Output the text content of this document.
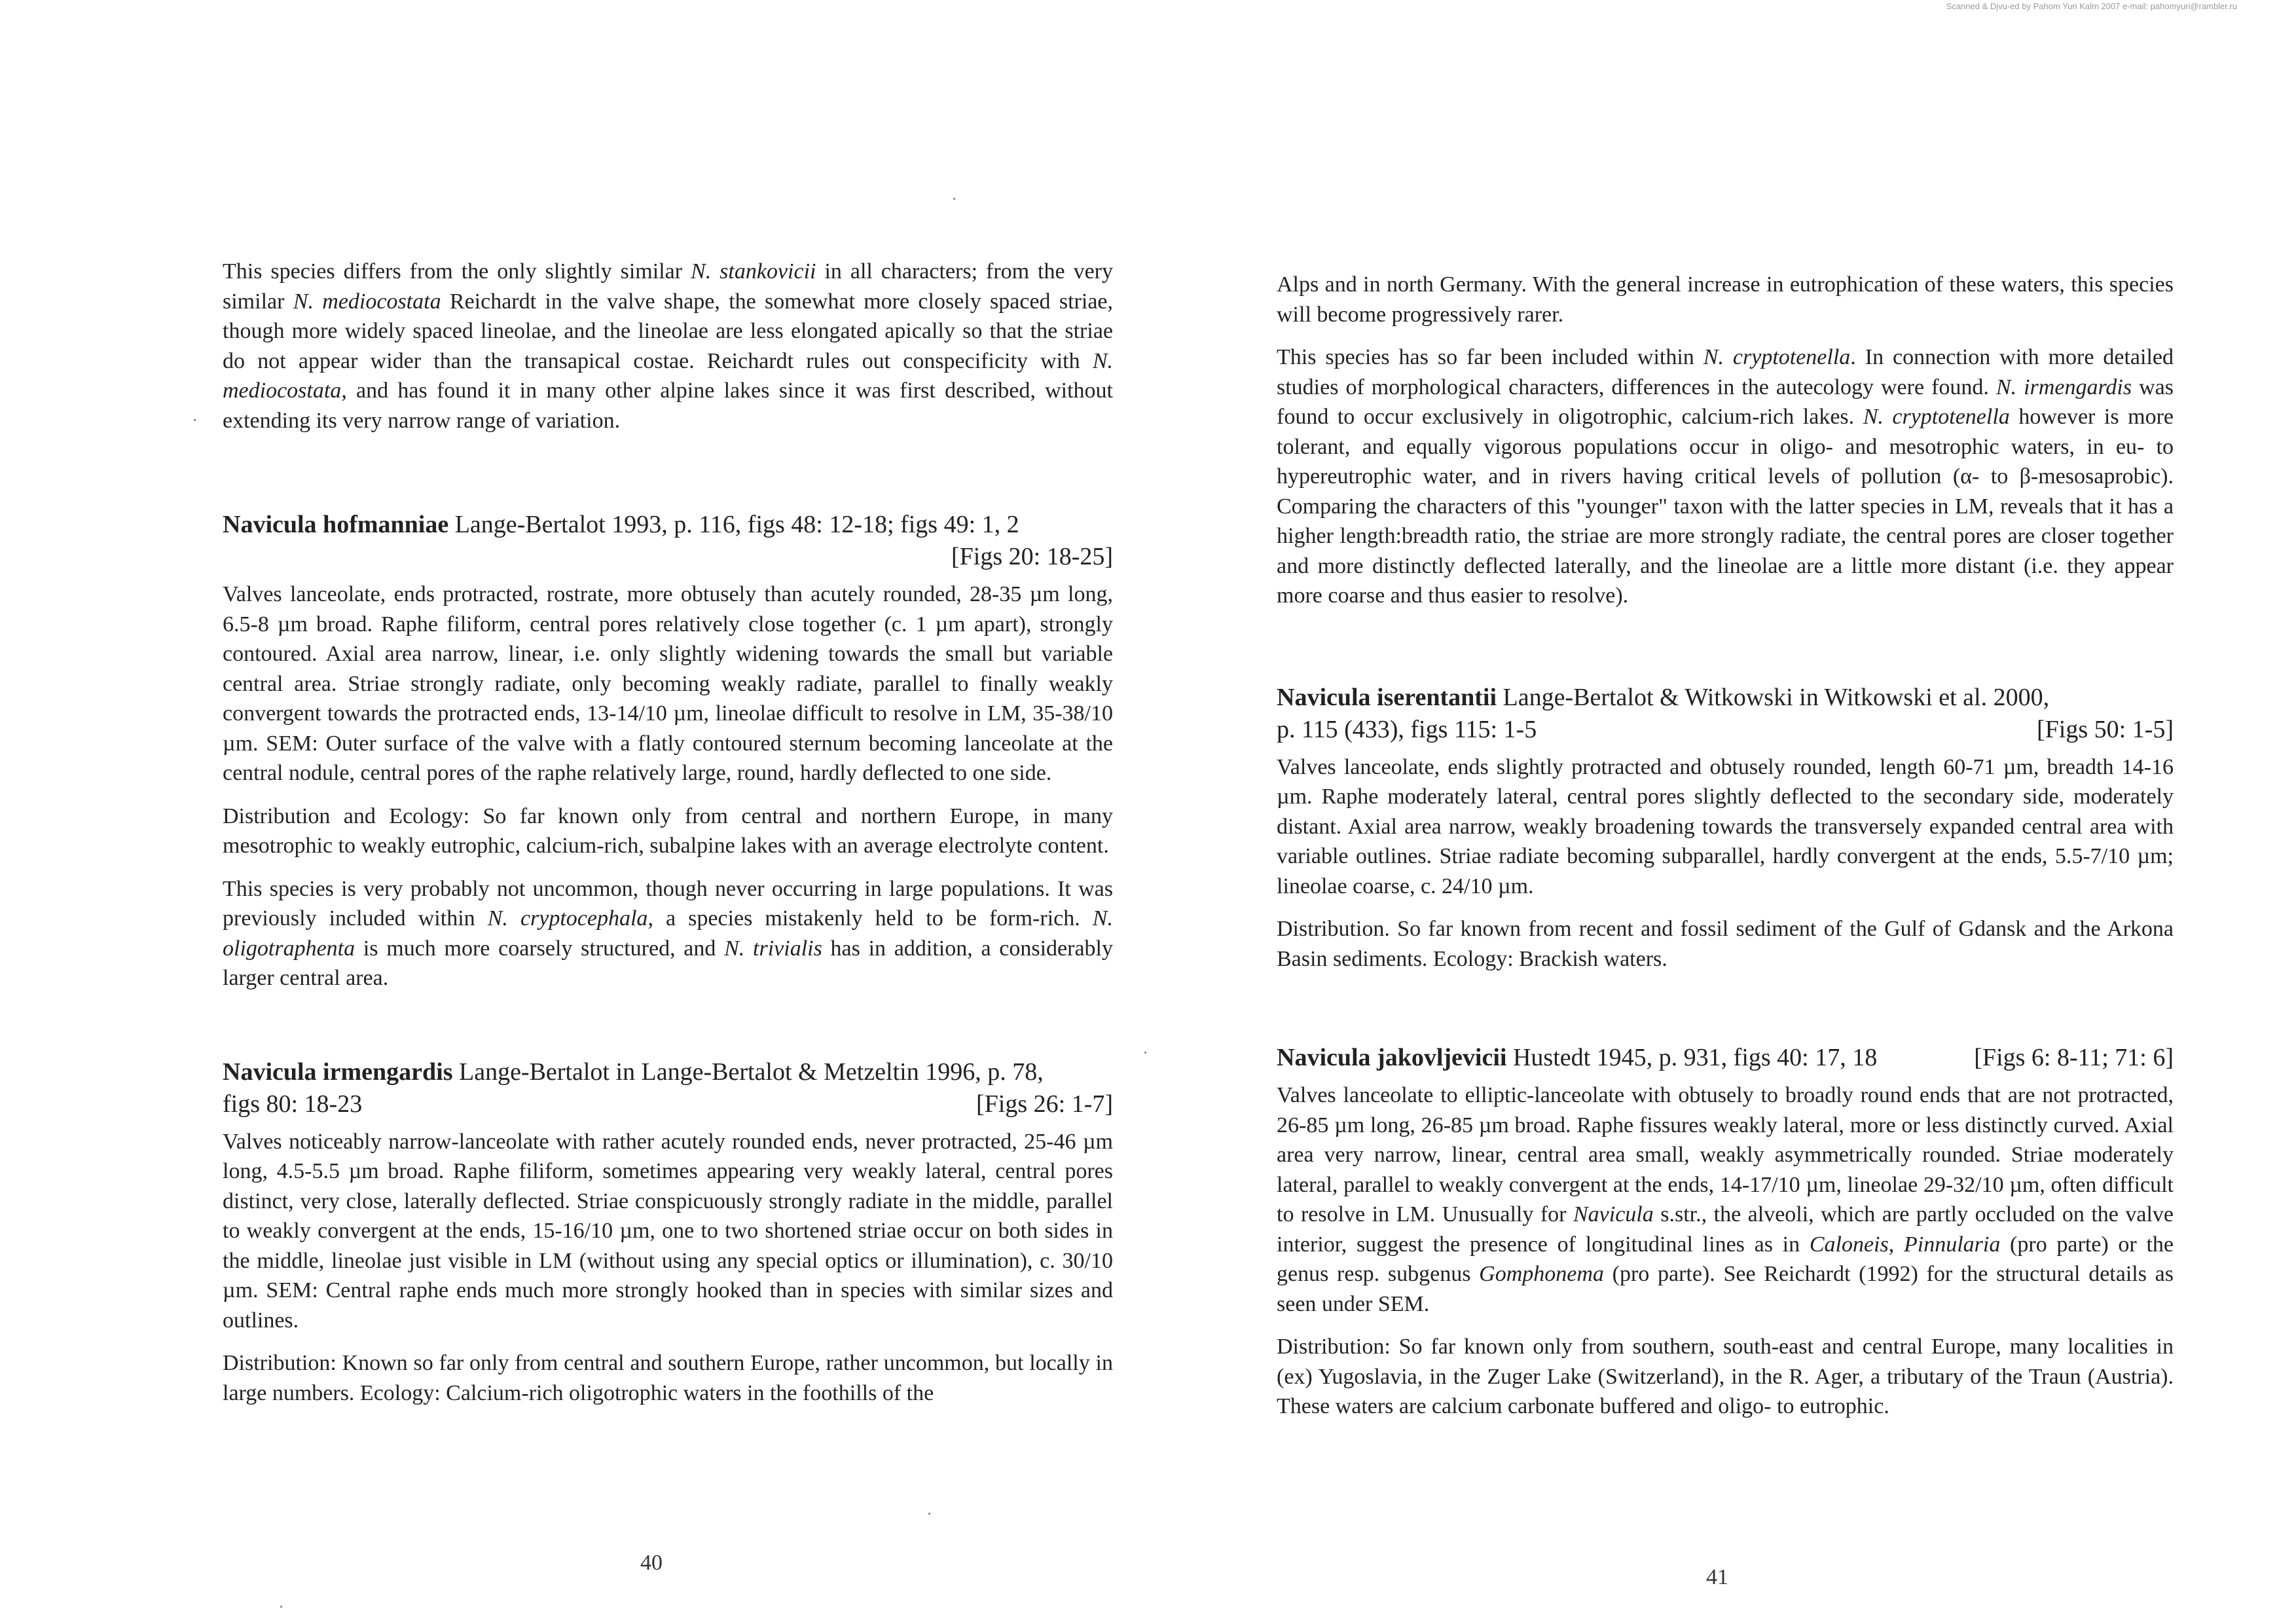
Scanned & Djvu-ed by Pahom Yuri Kalm 2007 e-mail: pahomyuri@rambler.ru

This species differs from the only slightly similar N. stankovicii in all characters; from the very similar N. mediocostata Reichardt in the valve shape, the somewhat more closely spaced striae, though more widely spaced lineolae, and the lineolae are less elongated apically so that the striae do not appear wider than the transapical costae. Reichardt rules out conspecificity with N. mediocostata, and has found it in many other alpine lakes since it was first described, without extending its very narrow range of variation.

Navicula hofmanniae Lange-Bertalot 1993, p. 116, figs 48: 12-18; figs 49: 1, 2
[Figs 20: 18-25]

Valves lanceolate, ends protracted, rostrate, more obtusely than acutely rounded, 28-35 µm long, 6.5-8 µm broad. Raphe filiform, central pores relatively close together (c. 1 µm apart), strongly contoured. Axial area narrow, linear, i.e. only slightly widening towards the small but variable central area. Striae strongly radiate, only becoming weakly radiate, parallel to finally weakly convergent towards the protracted ends, 13-14/10 µm, lineolae difficult to resolve in LM, 35-38/10 µm. SEM: Outer surface of the valve with a flatly contoured sternum becoming lanceolate at the central nodule, central pores of the raphe relatively large, round, hardly deflected to one side.

Distribution and Ecology: So far known only from central and northern Europe, in many mesotrophic to weakly eutrophic, calcium-rich, subalpine lakes with an average electrolyte content.

This species is very probably not uncommon, though never occurring in large populations. It was previously included within N. cryptocephala, a species mistakenly held to be form-rich. N. oligotraphenta is much more coarsely structured, and N. trivialis has in addition, a considerably larger central area.

Navicula irmengardis Lange-Bertalot in Lange-Bertalot & Metzeltin 1996, p. 78,
figs 80: 18-23	[Figs 26: 1-7]

Valves noticeably narrow-lanceolate with rather acutely rounded ends, never protracted, 25-46 µm long, 4.5-5.5 µm broad. Raphe filiform, sometimes appearing very weakly lateral, central pores distinct, very close, laterally deflected. Striae conspicuously strongly radiate in the middle, parallel to weakly convergent at the ends, 15-16/10 µm, one to two shortened striae occur on both sides in the middle, lineolae just visible in LM (without using any special optics or illumination), c. 30/10 µm. SEM: Central raphe ends much more strongly hooked than in species with similar sizes and outlines.

Distribution: Known so far only from central and southern Europe, rather uncommon, but locally in large numbers. Ecology: Calcium-rich oligotrophic waters in the foothills of the

Alps and in north Germany. With the general increase in eutrophication of these waters, this species will become progressively rarer.

This species has so far been included within N. cryptotenella. In connection with more detailed studies of morphological characters, differences in the autecology were found. N. irmengardis was found to occur exclusively in oligotrophic, calcium-rich lakes. N. cryptotenella however is more tolerant, and equally vigorous populations occur in oligo- and mesotrophic waters, in eu- to hypereutrophic water, and in rivers having critical levels of pollution (α- to β-mesosaprobic). Comparing the characters of this "younger" taxon with the latter species in LM, reveals that it has a higher length:breadth ratio, the striae are more strongly radiate, the central pores are closer together and more distinctly deflected laterally, and the lineolae are a little more distant (i.e. they appear more coarse and thus easier to resolve).

Navicula iserentantii Lange-Bertalot & Witkowski in Witkowski et al. 2000,
p. 115 (433), figs 115: 1-5	[Figs 50: 1-5]

Valves lanceolate, ends slightly protracted and obtusely rounded, length 60-71 µm, breadth 14-16 µm. Raphe moderately lateral, central pores slightly deflected to the secondary side, moderately distant. Axial area narrow, weakly broadening towards the transversely expanded central area with variable outlines. Striae radiate becoming subparallel, hardly convergent at the ends, 5.5-7/10 µm; lineolae coarse, c. 24/10 µm.

Distribution. So far known from recent and fossil sediment of the Gulf of Gdansk and the Arkona Basin sediments. Ecology: Brackish waters.

Navicula jakovljevicii Hustedt 1945, p. 931, figs 40: 17, 18	[Figs 6: 8-11; 71: 6]

Valves lanceolate to elliptic-lanceolate with obtusely to broadly round ends that are not protracted, 26-85 µm long, 26-85 µm broad. Raphe fissures weakly lateral, more or less distinctly curved. Axial area very narrow, linear, central area small, weakly asymmetrically rounded. Striae moderately lateral, parallel to weakly convergent at the ends, 14-17/10 µm, lineolae 29-32/10 µm, often difficult to resolve in LM. Unusually for Navicula s.str., the alveoli, which are partly occluded on the valve interior, suggest the presence of longitudinal lines as in Caloneis, Pinnularia (pro parte) or the genus resp. subgenus Gomphonema (pro parte). See Reichardt (1992) for the structural details as seen under SEM.

Distribution: So far known only from southern, south-east and central Europe, many localities in (ex) Yugoslavia, in the Zuger Lake (Switzerland), in the R. Ager, a tributary of the Traun (Austria). These waters are calcium carbonate buffered and oligo- to eutrophic.

40
41
